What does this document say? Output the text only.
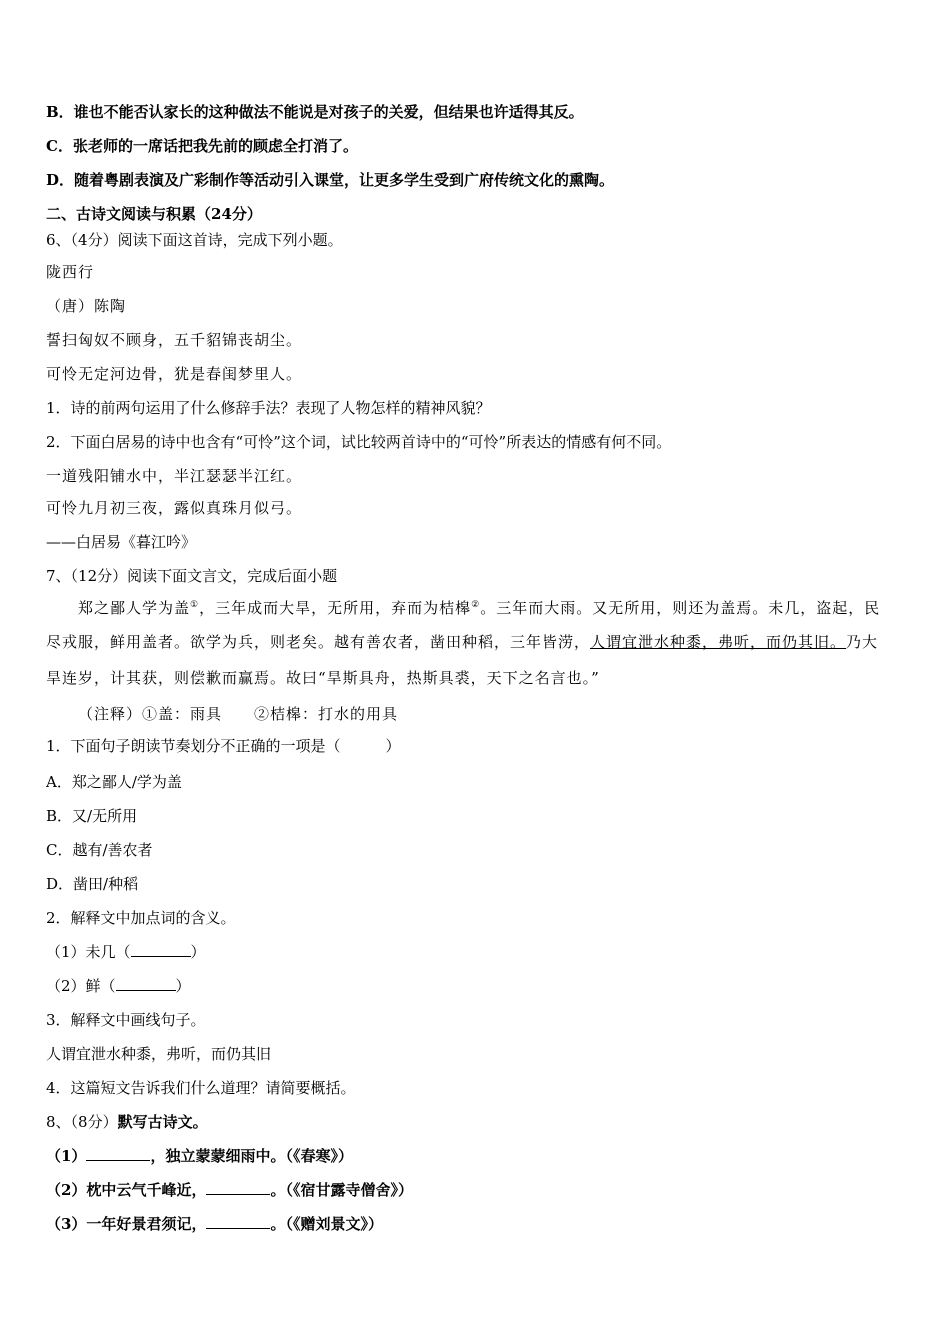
B．谁也不能否认家长的这种做法不能说是对孩子的关爱，但结果也许适得其反。
C．张老师的一席话把我先前的顾虑全打消了。
D．随着粤剧表演及广彩制作等活动引入课堂，让更多学生受到广府传统文化的熏陶。
二、古诗文阅读与积累（24分）
6、（4分）阅读下面这首诗，完成下列小题。
陇西行
（唐）陈陶
誓扫匈奴不顾身，五千貂锦丧胡尘。
可怜无定河边骨，犹是春闺梦里人。
1．诗的前两句运用了什么修辞手法？表现了人物怎样的精神风貌？
2．下面白居易的诗中也含有“可怜”这个词，试比较两首诗中的“可怜”所表达的情感有何不同。
一道残阳铺水中，半江瑟瑟半江红。
可怜九月初三夜，露似真珠月似弓。
——白居易《暮江吟》
7、（12分）阅读下面文言文，完成后面小题
郑之鄙人学为盖①，三年成而大旱，无所用，弃而为桔槔②。三年而大雨。又无所用，则还为盖焉。未几，盗起，民
尽戎服，鲜用盖者。欲学为兵，则老矣。越有善农者，凿田种稻，三年皆涝，人谓宜泄水种黍，弗听，而仍其旧。乃大
旱连岁，计其获，则偿歉而赢焉。故曰“旱斯具舟，热斯具裘，天下之名言也。”
（注释）①盖：雨具　　②桔槔：打水的用具
1．下面句子朗读节奏划分不正确的一项是（　　　）
A．郑之鄙人/学为盖
B．又/无所用
C．越有/善农者
D．凿田/种稻
2．解释文中加点词的含义。
（1）未几（	）
（2）鲜（	）
3．解释文中画线句子。
人谓宜泄水种黍，弗听，而仍其旧
4．这篇短文告诉我们什么道理？请简要概括。
8、（8分）默写古诗文。
（1）	，独立蒙蒙细雨中。（《春寒》）
（2）枕中云气千峰近，	。（《宿甘露寺僧舍》）
（3）一年好景君须记，	。（《赠刘景文》）
